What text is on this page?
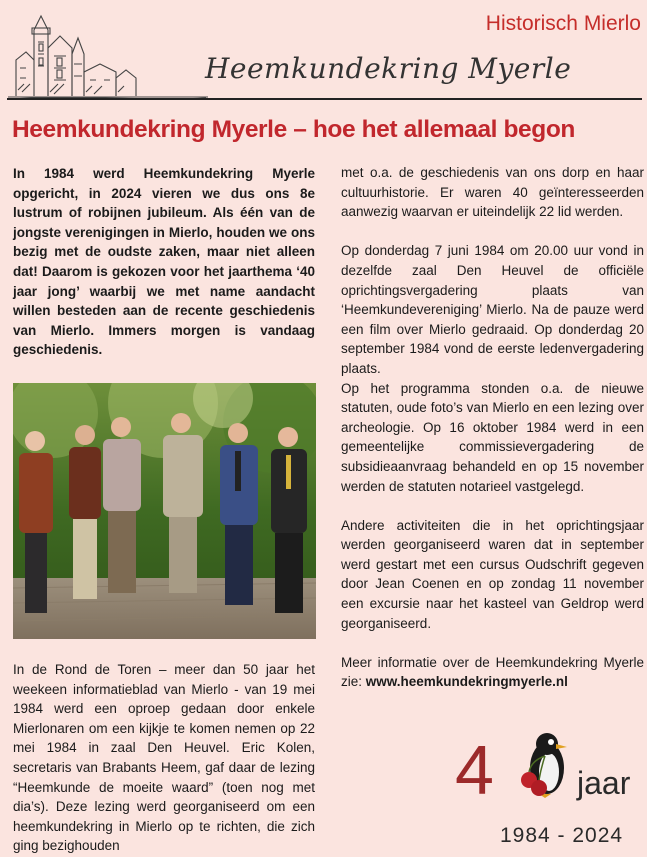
Historisch Mierlo
Heemkundekring Myerle
Heemkundekring Myerle – hoe het allemaal begon

In 1984 werd Heemkundekring Myerle opgericht, in 2024 vieren we dus ons 8e lustrum of robijnen jubileum. Als één van de jongste verenigingen in Mierlo, houden we ons bezig met de oudste zaken, maar niet alleen dat! Daarom is gekozen voor het jaarthema ‘40 jaar jong’ waarbij we met name aandacht willen besteden aan de recente geschiedenis van Mierlo. Immers morgen is vandaag geschiedenis.

In de Rond de Toren – meer dan 50 jaar het weekeen informatieblad van Mierlo - van 19 mei 1984 werd een oproep gedaan door enkele Mierlonaren om een kijkje te komen nemen op 22 mei 1984 in zaal Den Heuvel. Eric Kolen, secretaris van Brabants Heem, gaf daar de lezing “Heemkunde de moeite waard” (toen nog met dia’s). Deze lezing werd georganiseerd om een heemkundekring in Mierlo op te richten, die zich ging bezighouden

met o.a. de geschiedenis van ons dorp en haar cultuurhistorie. Er waren 40 geïnteresseerden aanwezig waarvan er uiteindelijk 22 lid werden.

Op donderdag 7 juni 1984 om 20.00 uur vond in dezelfde zaal Den Heuvel de officiële oprichtingsvergadering plaats van ‘Heemkundevereniging’ Mierlo. Na de pauze werd een film over Mierlo gedraaid. Op donderdag 20 september 1984 vond de eerste ledenvergadering plaats.

Op het programma stonden o.a. de nieuwe statuten, oude foto’s van Mierlo en een lezing over archeologie. Op 16 oktober 1984 werd in een gemeentelijke commissievergadering de subsidieaanvraag behandeld en op 15 november werden de statuten notarieel vastgelegd.

Andere activiteiten die in het oprichtingsjaar werden georganiseerd waren dat in september werd gestart met een cursus Oudschrift gegeven door Jean Coenen en op zondag 11 november een excursie naar het kasteel van Geldrop werd georganiseerd.

Meer informatie over de Heemkundekring Myerle zie: www.heemkundekringmyerle.nl

4	jaar
1984 - 2024
